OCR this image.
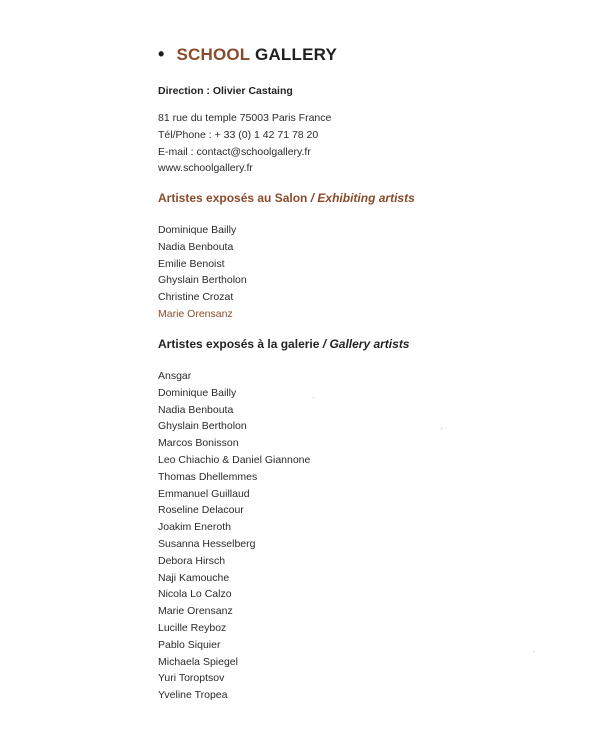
• SCHOOL GALLERY
Direction : Olivier Castaing
81 rue du temple 75003 Paris France
Tél/Phone : + 33 (0) 1 42 71 78 20
E-mail : contact@schoolgallery.fr
www.schoolgallery.fr
Artistes exposés au Salon / Exhibiting artists
Dominique Bailly
Nadia Benbouta
Emilie Benoist
Ghyslain Bertholon
Christine Crozat
Marie Orensanz
Artistes exposés à la galerie / Gallery artists
Ansgar
Dominique Bailly
Nadia Benbouta
Ghyslain Bertholon
Marcos Bonisson
Leo Chiachio & Daniel Giannone
Thomas Dhellemmes
Emmanuel Guillaud
Roseline Delacour
Joakim Eneroth
Susanna Hesselberg
Debora Hirsch
Naji Kamouche
Nicola Lo Calzo
Marie Orensanz
Lucille Reyboz
Pablo Siquier
Michaela Spiegel
Yuri Toroptsov
Yveline Tropea
